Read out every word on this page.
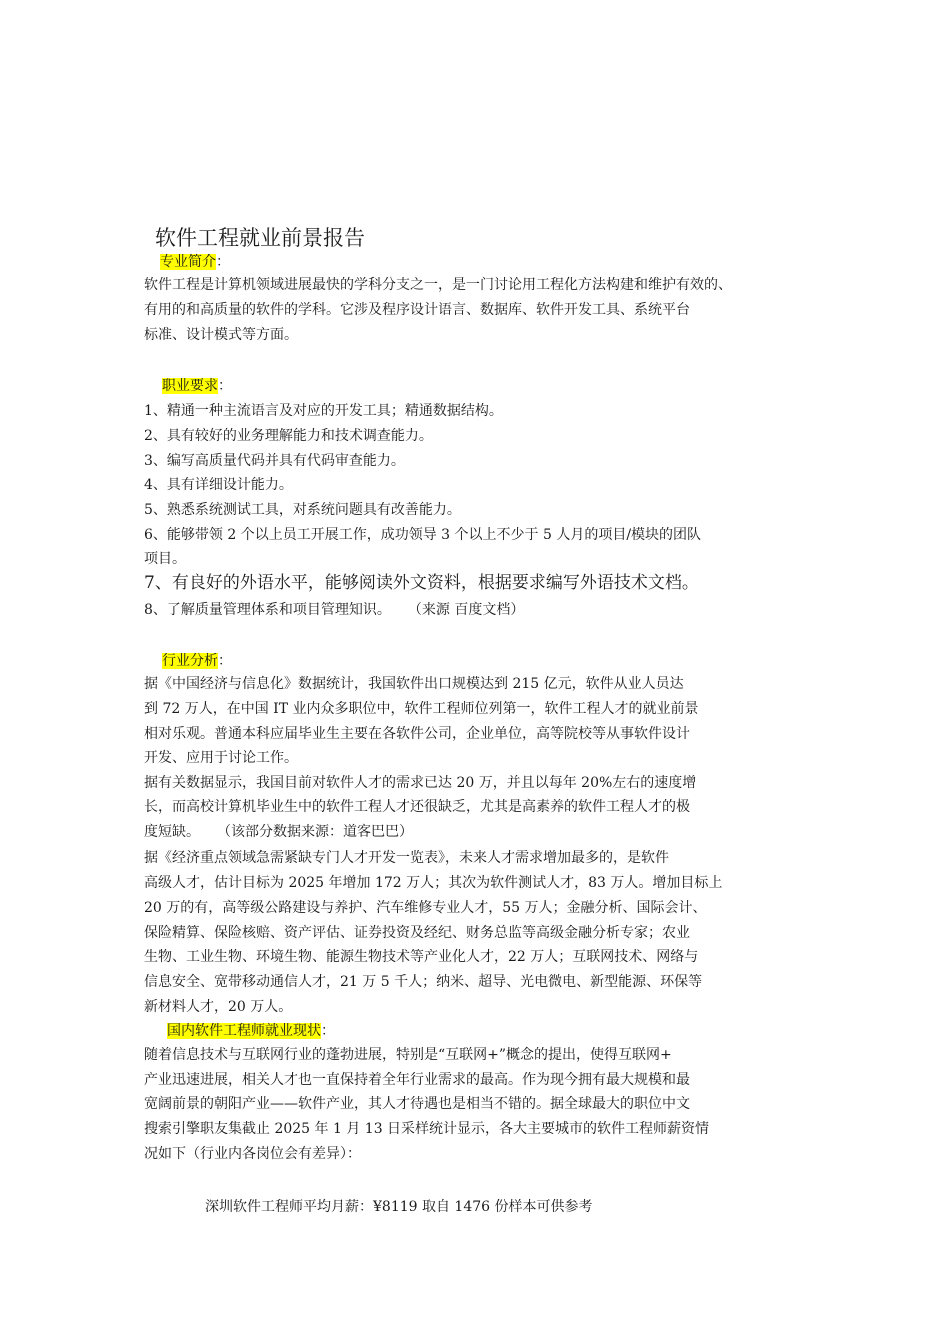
软件工程就业前景报告
专业简介：
软件工程是计算机领域进展最快的学科分支之一，是一门讨论用工程化方法构建和维护有效的、
有用的和高质量的软件的学科。它涉及程序设计语言、数据库、软件开发工具、系统平台
标准、设计模式等方面。
职业要求：
1、精通一种主流语言及对应的开发工具；精通数据结构。
2、具有较好的业务理解能力和技术调查能力。
3、编写高质量代码并具有代码审查能力。
4、具有详细设计能力。
5、熟悉系统测试工具，对系统问题具有改善能力。
6、能够带领 2 个以上员工开展工作，成功领导 3 个以上不少于 5 人月的项目/模块的团队
项目。
7、有良好的外语水平，能够阅读外文资料，根据要求编写外语技术文档。
8、了解质量管理体系和项目管理知识。 （来源 百度文档）
行业分析：
据《中国经济与信息化》数据统计，我国软件出口规模达到 215 亿元，软件从业人员达
到 72 万人，在中国 IT 业内众多职位中，软件工程师位列第一，软件工程人才的就业前景
相对乐观。普通本科应届毕业生主要在各软件公司，企业单位，高等院校等从事软件设计
开发、应用于讨论工作。
据有关数据显示，我国目前对软件人才的需求已达 20 万，并且以每年 20%左右的速度增
长，而高校计算机毕业生中的软件工程人才还很缺乏，尤其是高素养的软件工程人才的极
度短缺。 （该部分数据来源：道客巴巴）
据《经济重点领域急需紧缺专门人才开发一览表》，未来人才需求增加最多的，是软件
高级人才，估计目标为 2025 年增加 172 万人；其次为软件测试人才，83 万人。增加目标上
20 万的有，高等级公路建设与养护、汽车维修专业人才，55 万人；金融分析、国际会计、
保险精算、保险核赔、资产评估、证券投资及经纪、财务总监等高级金融分析专家；农业
生物、工业生物、环境生物、能源生物技术等产业化人才，22 万人；互联网技术、网络与
信息安全、宽带移动通信人才，21 万 5 千人；纳米、超导、光电微电、新型能源、环保等
新材料人才，20 万人。
国内软件工程师就业现状：
随着信息技术与互联网行业的蓬勃进展，特别是“互联网+”概念的提出，使得互联网+
产业迅速进展，相关人才也一直保持着全年行业需求的最高。作为现今拥有最大规模和最
宽阔前景的朝阳产业——软件产业，其人才待遇也是相当不错的。据全球最大的职位中文
搜索引擎职友集截止 2025 年 1 月 13 日采样统计显示，各大主要城市的软件工程师薪资情
况如下（行业内各岗位会有差异）：
深圳软件工程师平均月薪：¥8119 取自 1476 份样本可供参考
